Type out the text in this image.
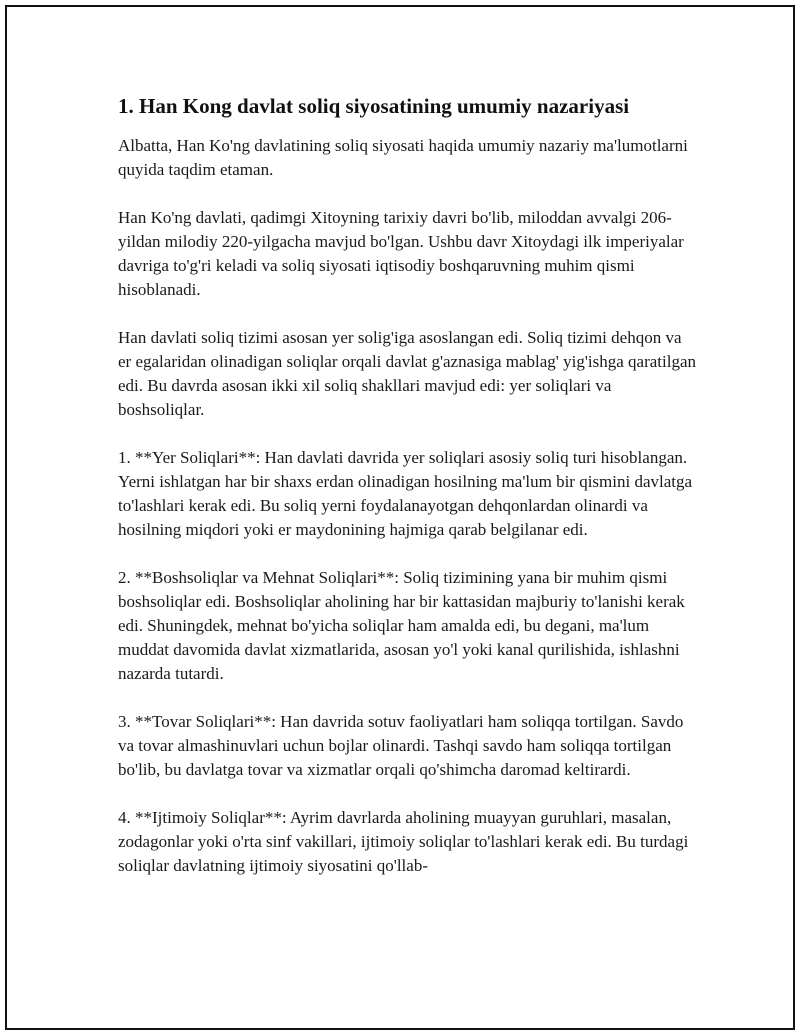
1. Han Kong davlat soliq siyosatining umumiy nazariyasi

Albatta, Han Ko'ng davlatining soliq siyosati haqida umumiy nazariy ma'lumotlarni quyida taqdim etaman.

Han Ko'ng davlati, qadimgi Xitoyning tarixiy davri bo'lib, miloddan avvalgi 206-yildan milodiy 220-yilgacha mavjud bo'lgan. Ushbu davr Xitoydagi ilk imperiyalar davriga to'g'ri keladi va soliq siyosati iqtisodiy boshqaruvning muhim qismi hisoblanadi.

Han davlati soliq tizimi asosan yer solig'iga asoslangan edi. Soliq tizimi dehqon va er egalaridan olinadigan soliqlar orqali davlat g'aznasiga mablag' yig'ishga qaratilgan edi. Bu davrda asosan ikki xil soliq shakllari mavjud edi: yer soliqlari va boshsoliqlar.

1. **Yer Soliqlari**: Han davlati davrida yer soliqlari asosiy soliq turi hisoblangan. Yerni ishlatgan har bir shaxs erdan olinadigan hosilning ma'lum bir qismini davlatga to'lashlari kerak edi. Bu soliq yerni foydalanayotgan dehqonlardan olinardi va hosilning miqdori yoki er maydonining hajmiga qarab belgilanar edi.

2. **Boshsoliqlar va Mehnat Soliqlari**: Soliq tizimining yana bir muhim qismi boshsoliqlar edi. Boshsoliqlar aholining har bir kattasidan majburiy to'lanishi kerak edi. Shuningdek, mehnat bo'yicha soliqlar ham amalda edi, bu degani, ma'lum muddat davomida davlat xizmatlarida, asosan yo'l yoki kanal qurilishida, ishlashni nazarda tutardi.

3. **Tovar Soliqlari**: Han davrida sotuv faoliyatlari ham soliqqa tortilgan. Savdo va tovar almashinuvlari uchun bojlar olinardi. Tashqi savdo ham soliqqa tortilgan bo'lib, bu davlatga tovar va xizmatlar orqali qo'shimcha daromad keltirardi.

4. **Ijtimoiy Soliqlar**: Ayrim davrlarda aholining muayyan guruhlari, masalan, zodagonlar yoki o'rta sinf vakillari, ijtimoiy soliqlar to'lashlari kerak edi. Bu turdagi soliqlar davlatning ijtimoiy siyosatini qo'llab-
